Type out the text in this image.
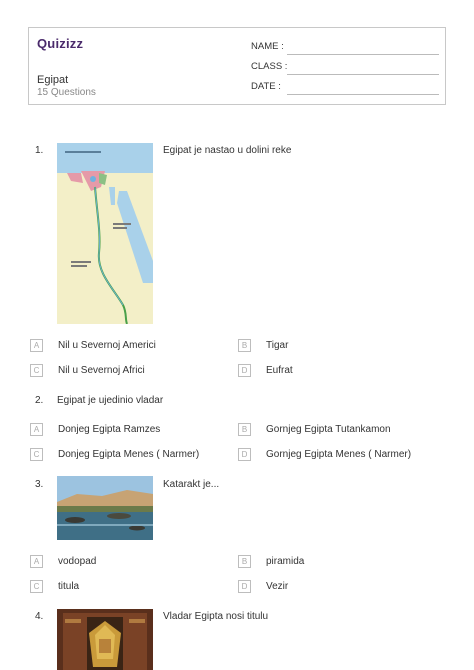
Quizizz
Egipat
15 Questions
NAME :
CLASS :
DATE :
1.	Egipat je nastao u dolini reke
A	Nil u Severnoj Americi	B	Tigar
C	Nil u Severnoj Africi	D	Eufrat
2. Egipat je ujedinio vladar
A	Donjeg Egipta Ramzes	B	Gornjeg Egipta Tutankamon
C	Donjeg Egipta Menes ( Narmer)	D	Gornjeg Egipta Menes ( Narmer)
3.	Katarakt je...
A	vodopad	B	piramida
C	titula	D	Vezir
4.	Vladar Egipta nosi titulu
